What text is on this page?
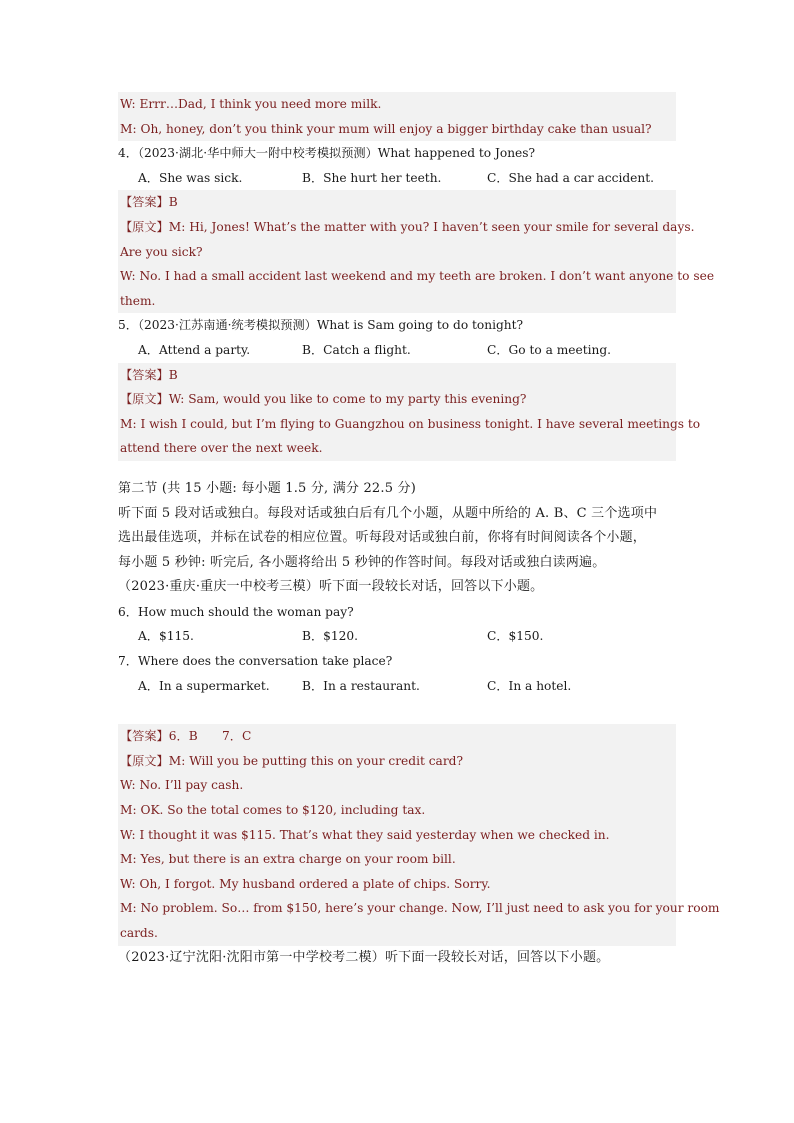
W: Errr…Dad, I think you need more milk.
M: Oh, honey, don’t you think your mum will enjoy a bigger birthday cake than usual?
4．（2023·湖北·华中师大一附中校考模拟预测）What happened to Jones?
A．She was sick.	B．She hurt her teeth.	C．She had a car accident.
【答案】B
【原文】M: Hi, Jones! What’s the matter with you? I haven’t seen your smile for several days.
Are you sick?
W: No. I had a small accident last weekend and my teeth are broken. I don’t want anyone to see
them.
5．（2023·江苏南通·统考模拟预测）What is Sam going to do tonight?
A．Attend a party.	B．Catch a flight.	C．Go to a meeting.
【答案】B
【原文】W: Sam, would you like to come to my party this evening?
M: I wish I could, but I’m flying to Guangzhou on business tonight. I have several meetings to
attend there over the next week.
第二节 (共 15 小题: 每小题 1.5 分, 满分 22.5 分)
听下面 5 段对话或独白。每段对话或独白后有几个小题，从题中所给的 A. B、C 三个选项中
选出最佳选项，并标在试卷的相应位置。听每段对话或独白前，你将有时间阅读各个小题，
每小题 5 秒钟: 听完后, 各小题将给出 5 秒钟的作答时间。每段对话或独白读两遍。
（2023·重庆·重庆一中校考三模）听下面一段较长对话，回答以下小题。
6．How much should the woman pay?
A．$115.	B．$120.	C．$150.
7．Where does the conversation take place?
A．In a supermarket.	B．In a restaurant.	C．In a hotel.
【答案】6．B　　7．C
【原文】M: Will you be putting this on your credit card?
W: No. I’ll pay cash.
M: OK. So the total comes to $120, including tax.
W: I thought it was $115. That’s what they said yesterday when we checked in.
M: Yes, but there is an extra charge on your room bill.
W: Oh, I forgot. My husband ordered a plate of chips. Sorry.
M: No problem. So… from $150, here’s your change. Now, I’ll just need to ask you for your room
cards.
（2023·辽宁沈阳·沈阳市第一中学校考二模）听下面一段较长对话，回答以下小题。
